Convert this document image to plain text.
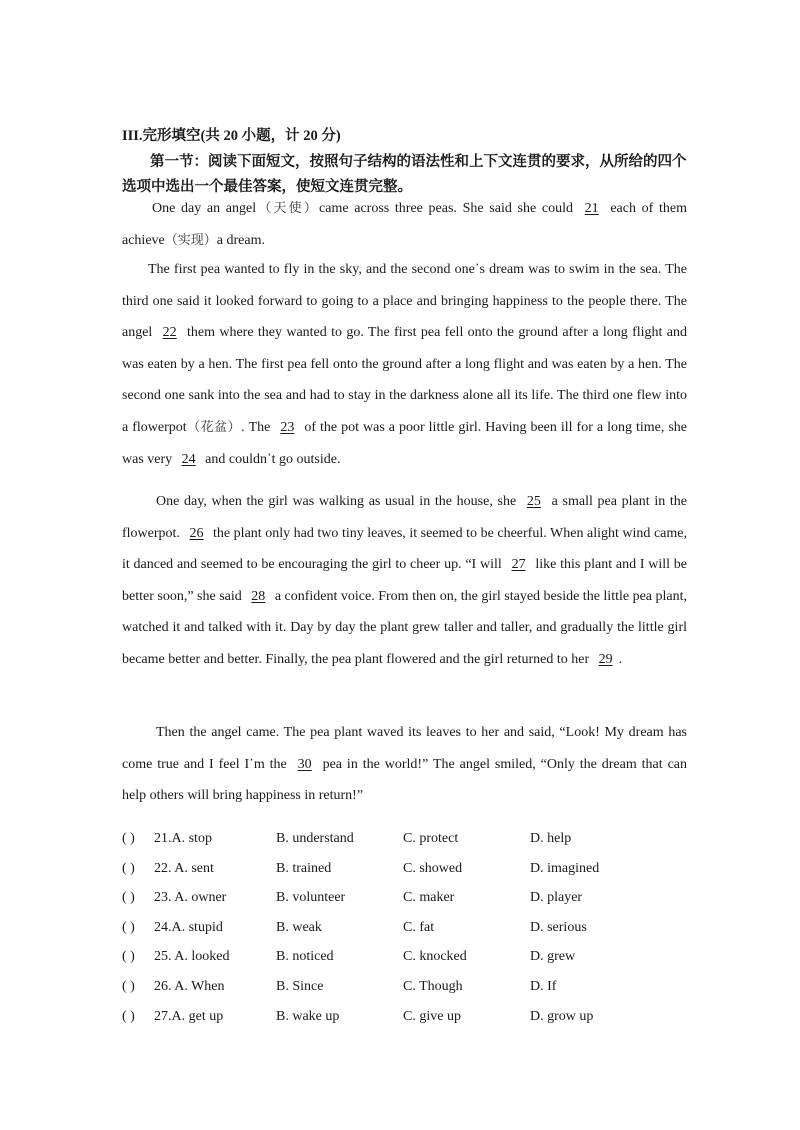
III.完形填空(共 20 小题，计 20 分)

第一节：阅读下面短文，按照句子结构的语法性和上下文连贯的要求，从所给的四个选项中选出一个最佳答案，使短文连贯完整。

One day an angel（天使）came across three peas. She said she could 21 each of them achieve（实现）a dream.

The first pea wanted to fly in the sky, and the second one᾽s dream was to swim in the sea. The third one said it looked forward to going to a place and bringing happiness to the people there. The angel 22 them where they wanted to go. The first pea fell onto the ground after a long flight and was eaten by a hen. The first pea fell onto the ground after a long flight and was eaten by a hen. The second one sank into the sea and had to stay in the darkness alone all its life. The third one flew into a flowerpot（花盆）. The 23 of the pot was a poor little girl. Having been ill for a long time, she was very 24 and couldn᾽t go outside.

One day, when the girl was walking as usual in the house, she 25 a small pea plant in the flowerpot. 26 the plant only had two tiny leaves, it seemed to be cheerful. When alight wind came, it danced and seemed to be encouraging the girl to cheer up. “I will 27 like this plant and I will be better soon,” she said 28 a confident voice. From then on, the girl stayed beside the little pea plant, watched it and talked with it. Day by day the plant grew taller and taller, and gradually the little girl became better and better. Finally, the pea plant flowered and the girl returned to her 29 .

Then the angel came. The pea plant waved its leaves to her and said, “Look! My dream has come true and I feel I᾽m the 30 pea in the world!” The angel smiled, “Only the dream that can help others will bring happiness in return!”

( ) 21.A. stop	B. understand	C. protect	D. help
( ) 22. A. sent	B. trained	C. showed	D. imagined
( ) 23. A. owner	B. volunteer	C. maker	D. player
( ) 24.A. stupid	B. weak	C. fat	D. serious
( ) 25. A. looked	B. noticed	C. knocked	D. grew
( ) 26. A. When	B. Since	C. Though	D. If
( ) 27.A. get up	B. wake up	C. give up	D. grow up
